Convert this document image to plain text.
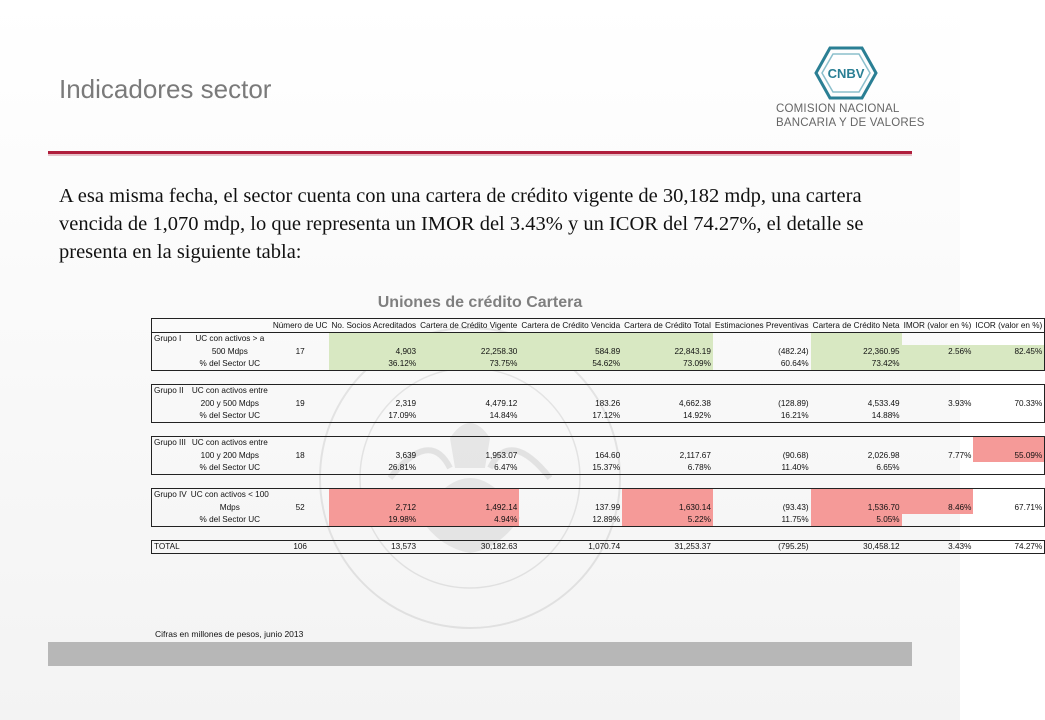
Indicadores sector
CNBV
COMISION NACIONAL
BANCARIA Y DE VALORES
A esa misma fecha, el sector cuenta con una cartera de crédito vigente de 30,182 mdp, una cartera vencida de 1,070 mdp, lo que representa un IMOR del 3.43% y un ICOR del 74.27%, el detalle se presenta en la siguiente tabla:
Uniones de crédito Cartera
		Número de UC	No. Socios Acreditados	Cartera de Crédito Vigente	Cartera de Crédito Vencida	Cartera de Crédito Total	Estimaciones Preventivas	Cartera de Crédito Neta	IMOR (valor en %)	ICOR (valor en %)
Grupo I	UC con activos > a									
	500 Mdps	17	4,903	22,258.30	584.89	22,843.19	(482.24)	22,360.95	2.56%	82.45%
	% del Sector UC		36.12%	73.75%	54.62%	73.09%	60.64%	73.42%		

Grupo II	UC con activos entre									
	200 y 500 Mdps	19	2,319	4,479.12	183.26	4,662.38	(128.89)	4,533.49	3.93%	70.33%
	% del Sector UC		17.09%	14.84%	17.12%	14.92%	16.21%	14.88%		

Grupo III	UC con activos entre									
	100 y 200 Mdps	18	3,639	1,953.07	164.60	2,117.67	(90.68)	2,026.98	7.77%	55.09%
	% del Sector UC		26.81%	6.47%	15.37%	6.78%	11.40%	6.65%		

Grupo IV	UC con activos < 100									
	Mdps	52	2,712	1,492.14	137.99	1,630.14	(93.43)	1,536.70	8.46%	67.71%
	% del Sector UC		19.98%	4.94%	12.89%	5.22%	11.75%	5.05%		

TOTAL		106	13,573	30,182.63	1,070.74	31,253.37	(795.25)	30,458.12	3.43%	74.27%
Cifras en millones de pesos, junio 2013
